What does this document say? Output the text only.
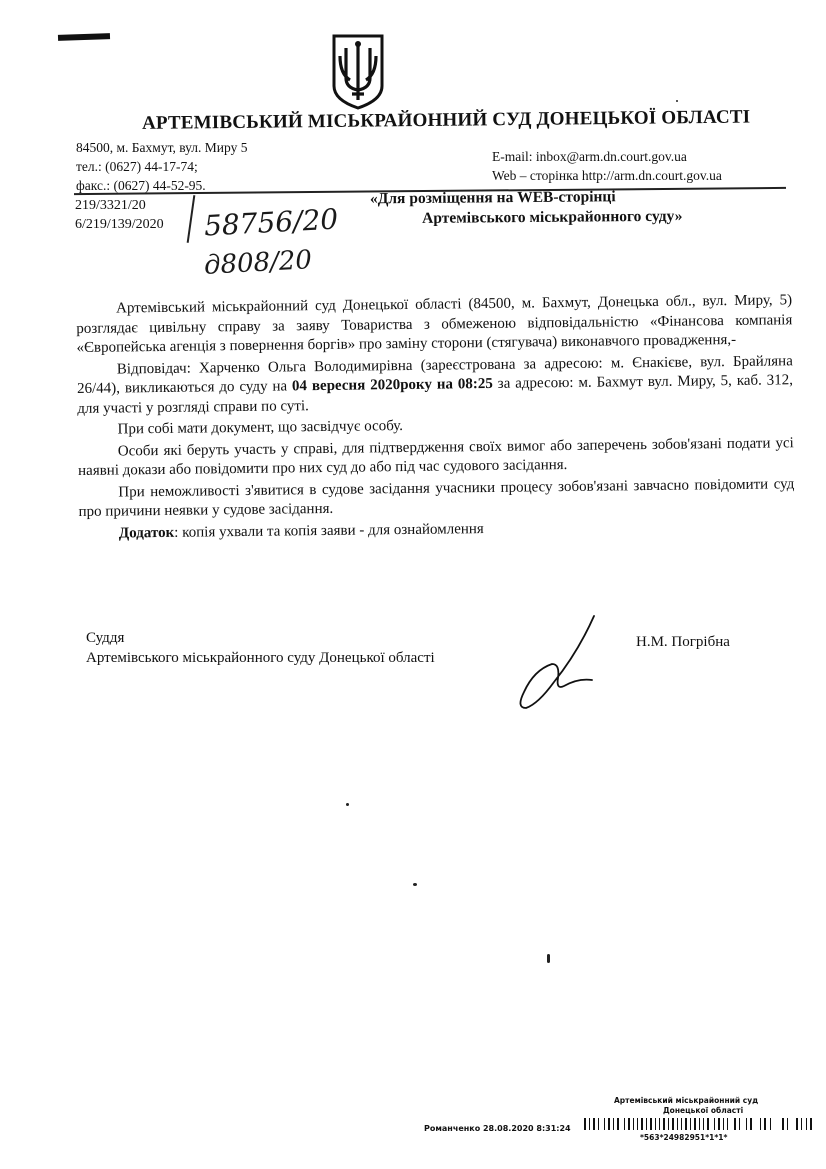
АРТЕМІВСЬКИЙ МІСЬКРАЙОННИЙ СУД ДОНЕЦЬКОЇ ОБЛАСТІ
84500, м. Бахмут, вул. Миру 5
тел.: (0627) 44-17-74;
факс.: (0627) 44-52-95.
E-mail: inbox@arm.dn.court.gov.ua
Web – сторінка http://arm.dn.court.gov.ua
219/3321/20
6/219/139/2020 58756/20
д808/20
«Для розміщення на WEB-сторінці
Артемівського міськрайонного суду»

Артемівський міськрайонний суд Донецької області (84500, м. Бахмут, Донецька обл., вул. Миру, 5) розглядає цивільну справу за заяву Товариства з обмеженою відповідальністю «Фінансова компанія «Європейська агенція з повернення боргів» про заміну сторони (стягувача) виконавчого провадження,-

Відповідач: Харченко Ольга Володимирівна (зареєстрована за адресою: м. Єнакієве, вул. Брайляна 26/44), викликаються до суду на 04 вересня 2020року на 08:25 за адресою: м. Бахмут вул. Миру, 5, каб. 312, для участі у розгляді справи по суті.

При собі мати документ, що засвідчує особу.

Особи які беруть участь у справі, для підтвердження своїх вимог або заперечень зобов'язані подати усі наявні докази або повідомити про них суд до або під час судового засідання.

При неможливості з'явитися в судове засідання учасники процесу зобов'язані завчасно повідомити суд про причини неявки у судове засідання.

Додаток: копія ухвали та копія заяви - для ознайомлення

Суддя
Артемівського міськрайонного суду Донецької області
Н.М. Погрібна
Артемівський міськрайонний суд
Донецької області
Романченко 28.08.2020 8:31:24
*563*24982951*1*1*
